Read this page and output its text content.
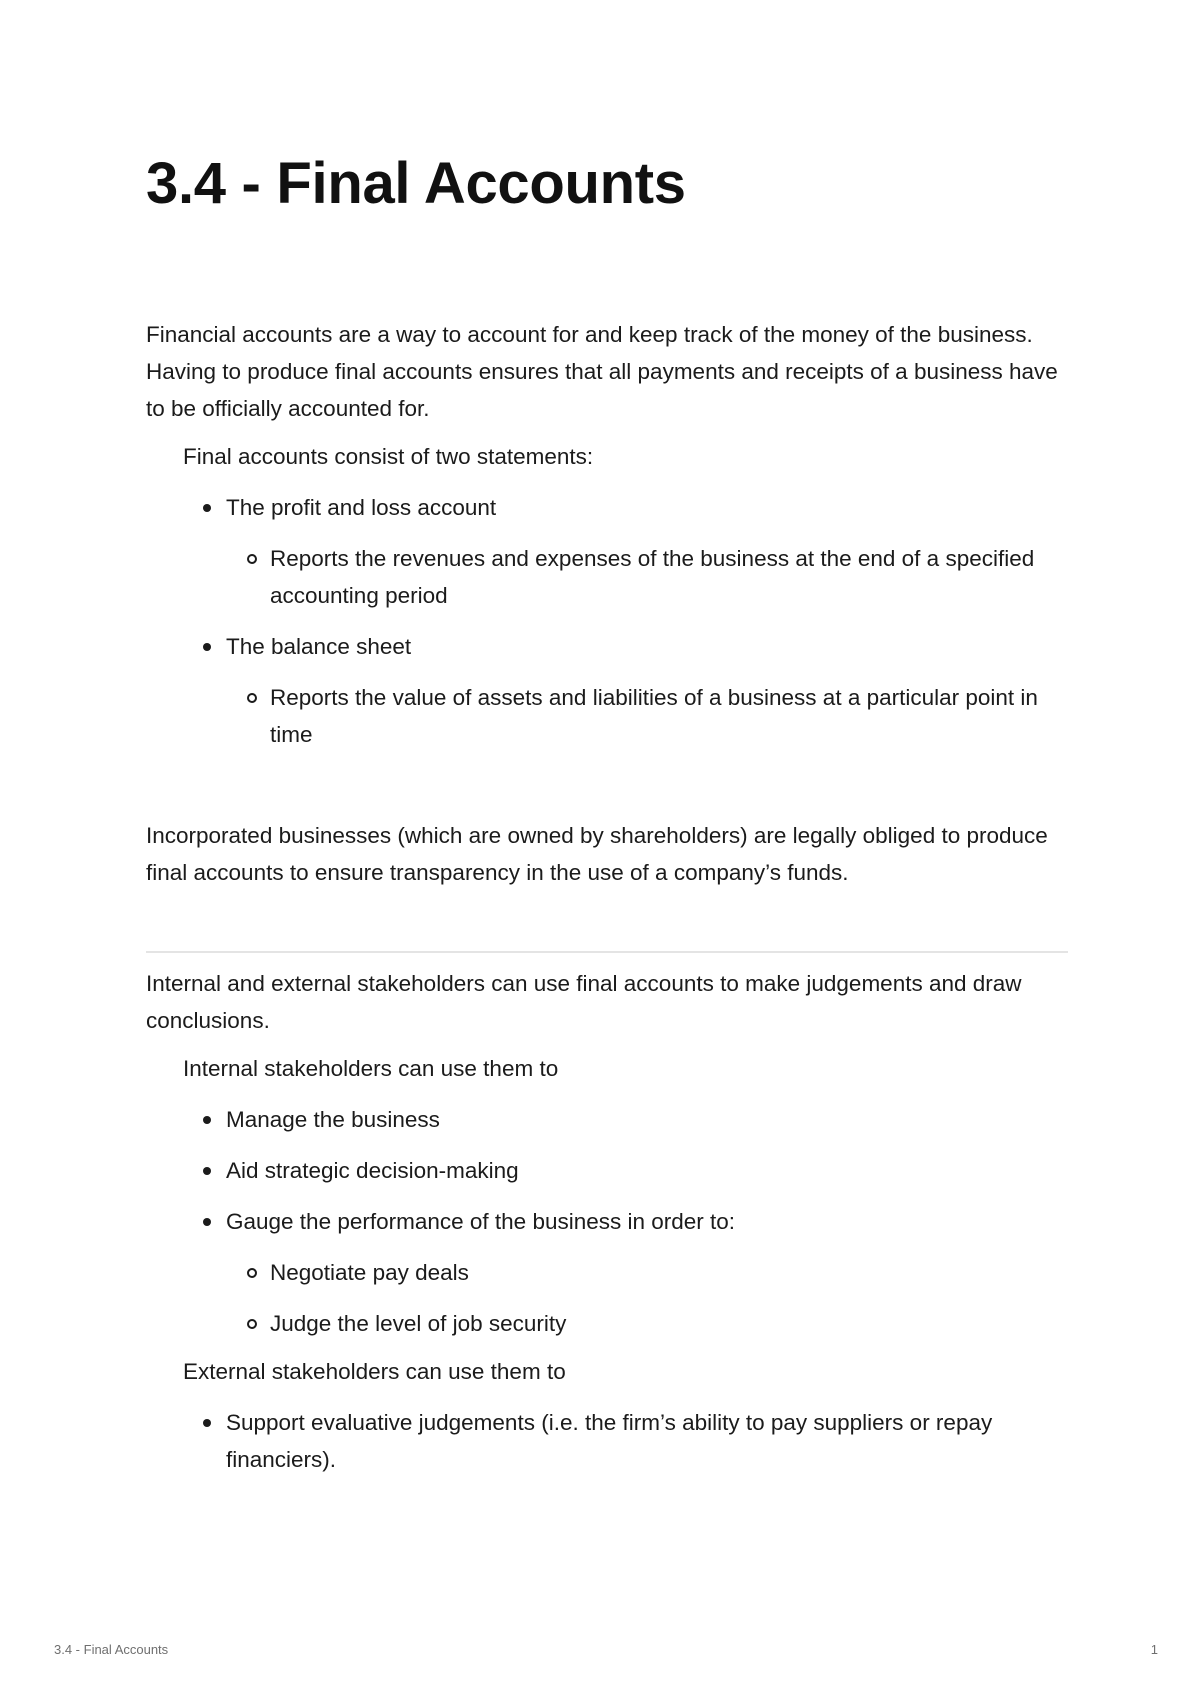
3.4 - Final Accounts

Financial accounts are a way to account for and keep track of the money of the business. Having to produce final accounts ensures that all payments and receipts of a business have to be officially accounted for.

Final accounts consist of two statements:

The profit and loss account
Reports the revenues and expenses of the business at the end of a specified accounting period
The balance sheet
Reports the value of assets and liabilities of a business at a particular point in time

Incorporated businesses (which are owned by shareholders) are legally obliged to produce final accounts to ensure transparency in the use of a company’s funds.

Internal and external stakeholders can use final accounts to make judgements and draw conclusions.

Internal stakeholders can use them to

Manage the business
Aid strategic decision-making
Gauge the performance of the business in order to:
Negotiate pay deals
Judge the level of job security

External stakeholders can use them to

Support evaluative judgements (i.e. the firm’s ability to pay suppliers or repay financiers).
3.4 - Final Accounts	1
